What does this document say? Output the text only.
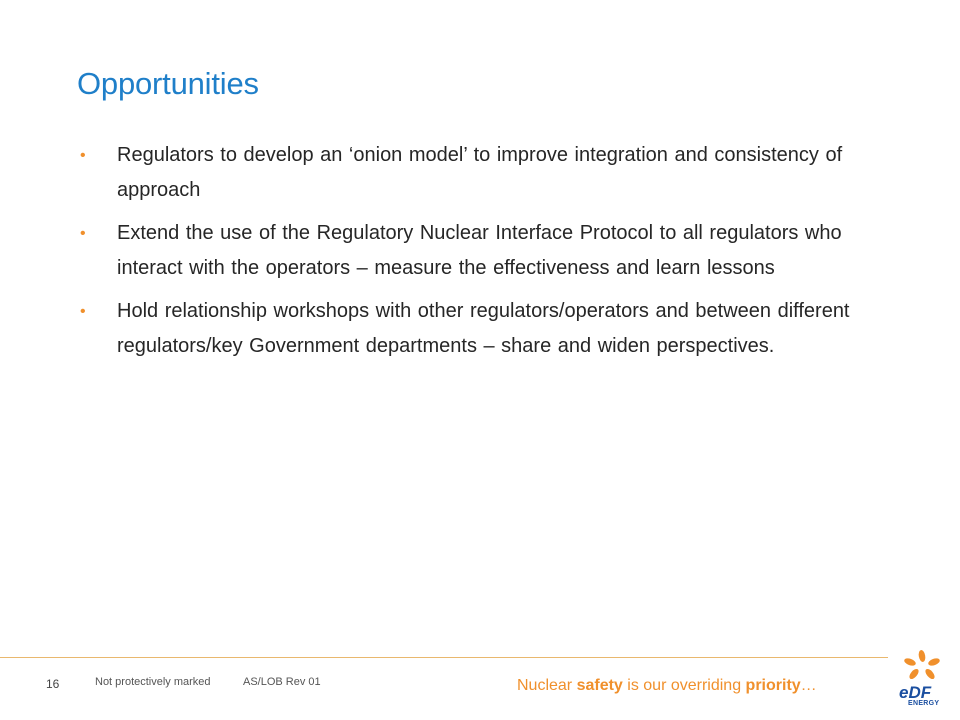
Opportunities
• Regulators to develop an ‘onion model’ to improve integration and consistency of approach
• Extend the use of the Regulatory Nuclear Interface Protocol to all regulators who interact with the operators – measure the effectiveness and learn lessons
• Hold relationship workshops with other regulators/operators and between different regulators/key Government departments – share and widen perspectives.
16	Not protectively marked	AS/LOB Rev 01	Nuclear safety is our overriding priority…	eDF
ENERGY
